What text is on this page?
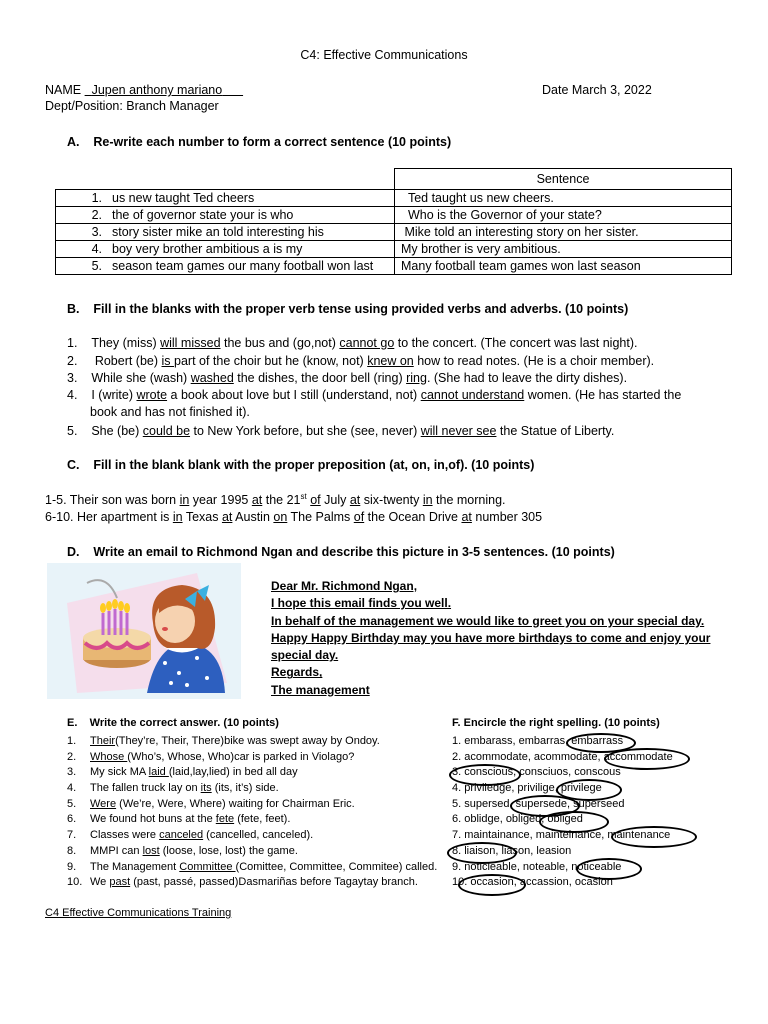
C4: Effective Communications
NAME Jupen anthony mariano	Date March 3, 2022
Dept/Position: Branch Manager
A. Re-write each number to form a correct sentence (10 points)
	Sentence
1. us new taught Ted cheers	Ted taught us new cheers.
2. the of governor state your is who	Who is the Governor of your state?
3. story sister mike an told interesting his	Mike told an interesting story on her sister.
4. boy very brother ambitious a is my	My brother is very ambitious.
5. season team games our many football won last	Many football team games won last season
B. Fill in the blanks with the proper verb tense using provided verbs and adverbs. (10 points)
1. They (miss) will missed the bus and (go,not) cannot go to the concert. (The concert was last night).
2.     Robert (be) is part of the choir but he (know, not) knew on how to read notes. (He is a choir member).
3. While she (wash) washed the dishes, the door bell (ring) ring. (She had to leave the dirty dishes).
4. I (write) wrote a book about love but I still (understand, not) cannot understand women. (He has started the
book and has not finished it).
5. She (be) could be to New York before, but she (see, never) will never see the Statue of Liberty.
C. Fill in the blank blank with the proper preposition (at, on, in,of). (10 points)
1-5. Their son was born in year 1995 at the 21st of July at six-twenty in the morning.
6-10. Her apartment is in Texas at Austin on The Palms of the Ocean Drive at number 305
D. Write an email to Richmond Ngan and describe this picture in 3-5 sentences. (10 points)
Dear Mr. Richmond Ngan,
I hope this email finds you well.
In behalf of the management we would like to greet you on your special day.
Happy Happy Birthday may you have more birthdays to come and enjoy your
special day.
Regards,
The management
E. Write the correct answer. (10 points)
1. Their(They’re, Their, There)bike was swept away by Ondoy.
2. Whose (Who’s, Whose, Who)car is parked in Violago?
3. My sick MA laid (laid,lay,lied) in bed all day
4. The fallen truck lay on its (its, it’s) side.
5. Were (We’re, Were, Where) waiting for Chairman Eric.
6. We found hot buns at the fete (fete, feet).
7. Classes were canceled (cancelled, canceled).
8. MMPI can lost (loose, lose, lost) the game.
9. The Management Committee (Comittee, Committee, Commitee) called.
10. We past (past, passé, passed)Dasmariñas before Tagaytay branch.
F. Encircle the right spelling. (10 points)
1. embarass, embarras, embarrass
2. acommodate, acommodate, accommodate
3. conscious, consciuos, conscous
4. priviledge, privilige, privilege
5. supersed, supersede, superseed
6. oblidge, obliged, obliged
7. maintainance, mainteinance, maintenance
8. liaison, liason, leasion
9. noticleable, noteable, noticeable
10. occasion, accassion, ocasion
C4 Effective Communications Training
